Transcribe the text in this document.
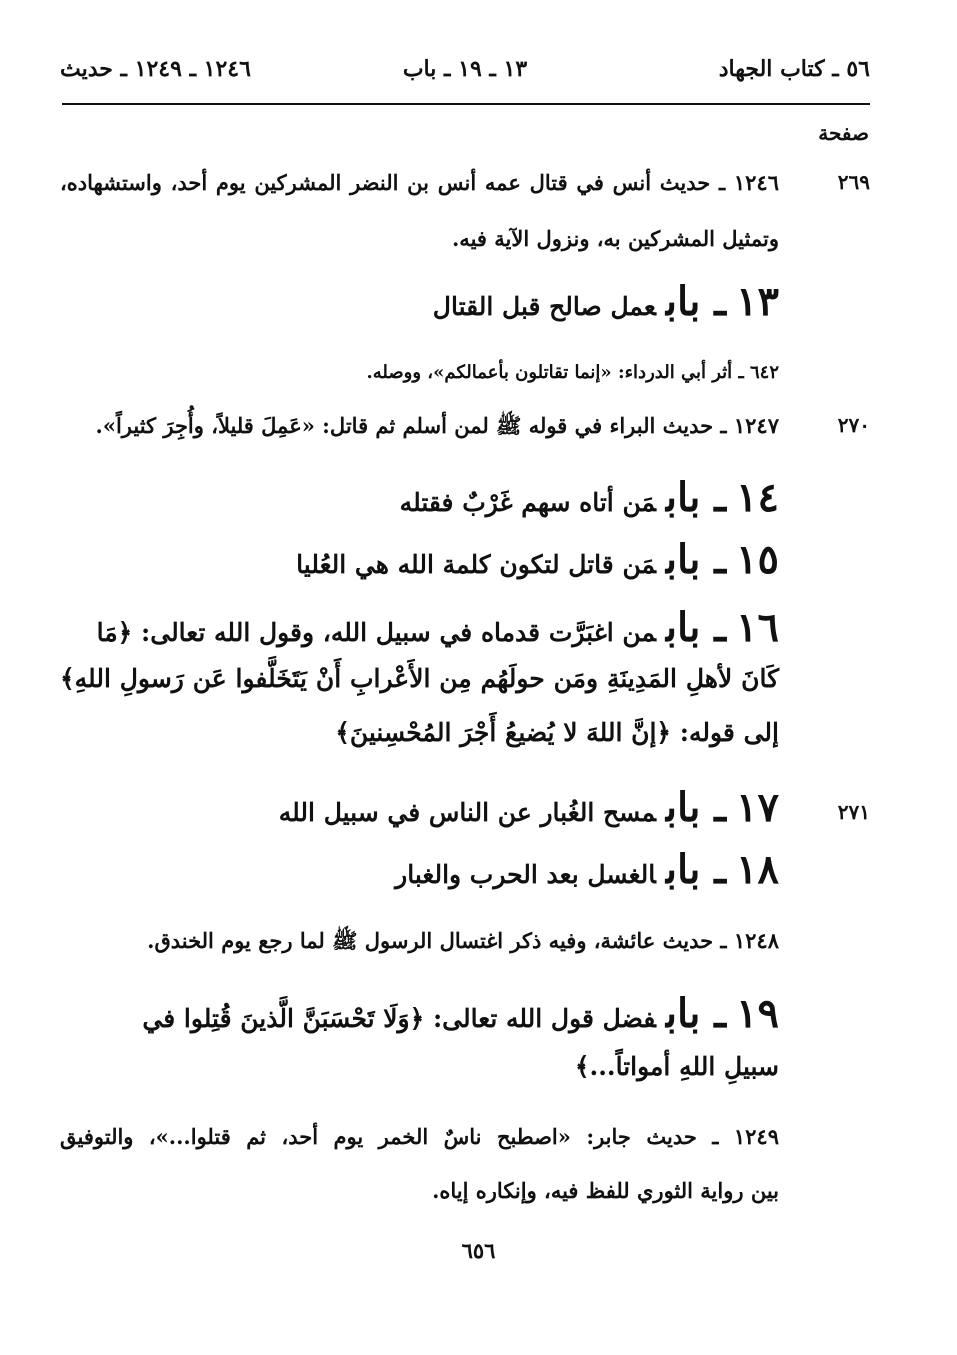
٥٦ ـ كتاب الجهاد
١٣ ـ ١٩ ـ باب
١٢٤٦ ـ ١٢٤٩ ـ حديث
صفحة
٢٦٩
١٢٤٦ ـ حديث أنس في قتال عمه أنس بن النضر المشركين يوم أحد، واستشهاده،
وتمثيل المشركين به، ونزول الآية فيه.
١٣ـ بابعمل صالح قبل القتال
٦٤٢ ـ أثر أبي الدرداء: «إنما تقاتلون بأعمالكم»، ووصله.
٢٧٠
١٢٤٧ ـ حديث البراء في قوله ﷺ لمن أسلم ثم قاتل: «عَمِلَ قليلاً، وأُجِرَ كثيراً».
١٤ـ بابمَن أتاه سهم غَرْبٌ فقتله
١٥ـ بابمَن قاتل لتكون كلمة الله هي العُليا
١٦ـ بابمن اغبَرَّت قدماه في سبيل الله، وقول الله تعالى: ﴿مَا
كَانَ لأهلِ المَدِينَةِ ومَن حولَهُم مِن الأَعْرابِ أَنْ يَتَخَلَّفوا عَن رَسولِ اللهِ﴾
إلى قوله: ﴿إنَّ اللهَ لا يُضيعُ أَجْرَ المُحْسِنينَ﴾
٢٧١
١٧ـ بابمسح الغُبار عن الناس في سبيل الله
١٨ـ بابالغسل بعد الحرب والغبار
١٢٤٨ ـ حديث عائشة، وفيه ذكر اغتسال الرسول ﷺ لما رجع يوم الخندق.
١٩ـ بابفضل قول الله تعالى: ﴿وَلَا تَحْسَبَنَّ الَّذينَ قُتِلوا في
سبيلِ اللهِ أمواتاً...﴾
١٢٤٩ ـ حديث جابر: «اصطبح ناسٌ الخمر يوم أحد، ثم قتلوا...»، والتوفيق
بين رواية الثوري للفظ فيه، وإنكاره إياه.
٦٥٦
